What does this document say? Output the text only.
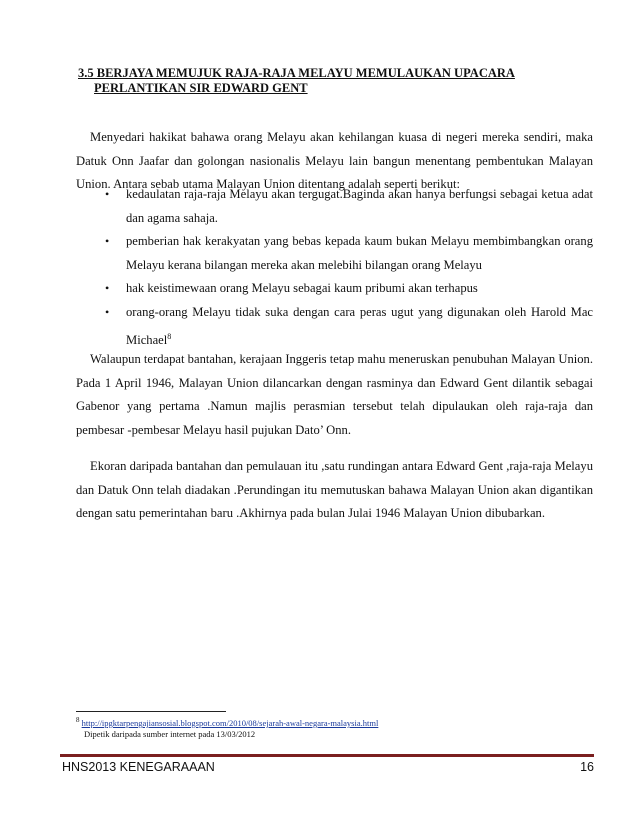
3.5 BERJAYA MEMUJUK RAJA-RAJA MELAYU MEMULAUKAN UPACARA
PERLANTIKAN SIR EDWARD GENT

Menyedari hakikat bahawa orang Melayu akan kehilangan kuasa di negeri mereka sendiri, maka Datuk Onn Jaafar dan golongan nasionalis Melayu lain bangun menentang pembentukan Malayan Union. Antara sebab utama Malayan Union ditentang adalah seperti berikut:

• kedaulatan raja-raja Melayu akan tergugat.Baginda akan hanya berfungsi sebagai ketua adat dan agama sahaja.
• pemberian hak kerakyatan yang bebas kepada kaum bukan Melayu membimbangkan orang Melayu kerana bilangan mereka akan melebihi bilangan orang Melayu
• hak keistimewaan orang Melayu sebagai kaum pribumi akan terhapus
• orang-orang Melayu tidak suka dengan cara peras ugut yang digunakan oleh Harold Mac Michael$^8$

Walaupun terdapat bantahan, kerajaan Inggeris tetap mahu meneruskan penubuhan Malayan Union. Pada 1 April 1946, Malayan Union dilancarkan dengan rasminya dan Edward Gent dilantik sebagai Gabenor yang pertama .Namun majlis perasmian tersebut telah dipulaukan oleh raja-raja dan pembesar -pembesar Melayu hasil pujukan Dato’ Onn.

Ekoran daripada bantahan dan pemulauan itu ,satu rundingan antara Edward Gent ,raja-raja Melayu dan Datuk Onn telah diadakan .Perundingan itu memutuskan bahawa Malayan Union akan digantikan dengan satu pemerintahan baru .Akhirnya pada bulan Julai 1946 Malayan Union dibubarkan.

$^8$ http://ipgktarpengajiansosial.blogspot.com/2010/08/sejarah-awal-negara-malaysia.html
Dipetik daripada sumber internet pada 13/03/2012
HNS2013 KENEGARAAAN	16
